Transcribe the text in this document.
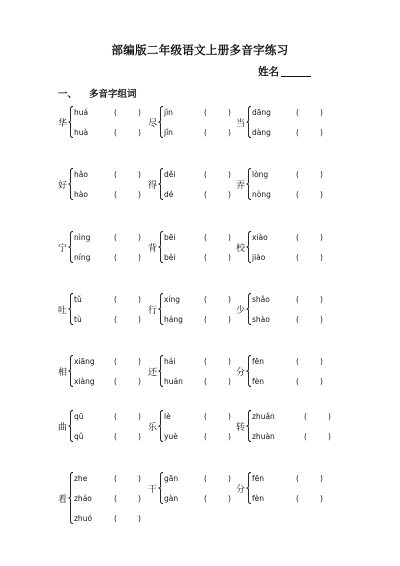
部编版二年级语文上册多音字练习
姓名
一、 多音字组词
华
huá	(	)
huà	(	)
尽
jìn	(	)
jǐn	(	)
当
dāng	(	)
dàng	(	)
好
hǎo	(	)
hào	(	)
得
děi	(	)
dé	(	)
弄
lòng	(	)
nòng	(	)
宁
nìng	(	)
níng	(	)
背
bēi	(	)
bèi	(	)
校
xiào	(	)
jiào	(	)
吐
tǔ	(	)
tù	(	)
行
xíng	(	)
háng	(	)
少
shǎo	(	)
shào	(	)
相
xiāng	(	)
xiàng	(	)
还
hái	(	)
huán	(	)
分
fēn	(	)
fèn	(	)
曲
qū	(	)
qǔ	(	)
乐
lè	(	)
yuè	(	)
转
zhuǎn	(	)
zhuàn	(	)
着
zhe	(	)
zháo	(	)
zhuó	(	)
干
gān	(	)
gàn	(	)
分
fēn	(	)
fèn	(	)
